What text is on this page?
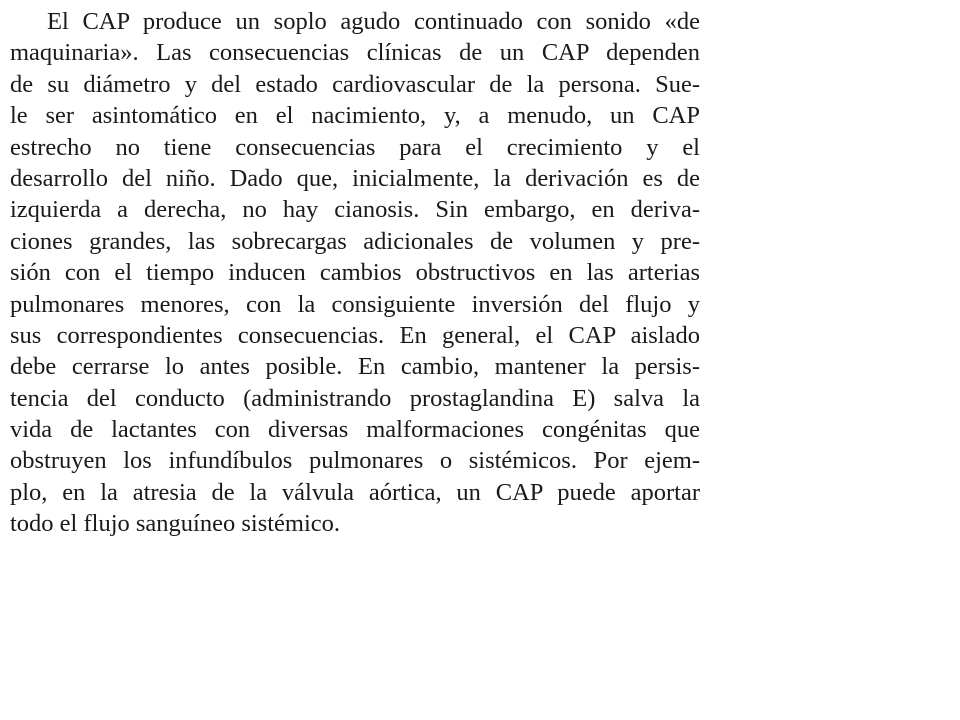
El CAP produce un soplo agudo continuado con sonido «de
maquinaria». Las consecuencias clínicas de un CAP dependen
de su diámetro y del estado cardiovascular de la persona. Sue-
le ser asintomático en el nacimiento, y, a menudo, un CAP
estrecho no tiene consecuencias para el crecimiento y el
desarrollo del niño. Dado que, inicialmente, la derivación es de
izquierda a derecha, no hay cianosis. Sin embargo, en deriva-
ciones grandes, las sobrecargas adicionales de volumen y pre-
sión con el tiempo inducen cambios obstructivos en las arterias
pulmonares menores, con la consiguiente inversión del flujo y
sus correspondientes consecuencias. En general, el CAP aislado
debe cerrarse lo antes posible. En cambio, mantener la persis-
tencia del conducto (administrando prostaglandina E) salva la
vida de lactantes con diversas malformaciones congénitas que
obstruyen los infundíbulos pulmonares o sistémicos. Por ejem-
plo, en la atresia de la válvula aórtica, un CAP puede aportar
todo el flujo sanguíneo sistémico.
